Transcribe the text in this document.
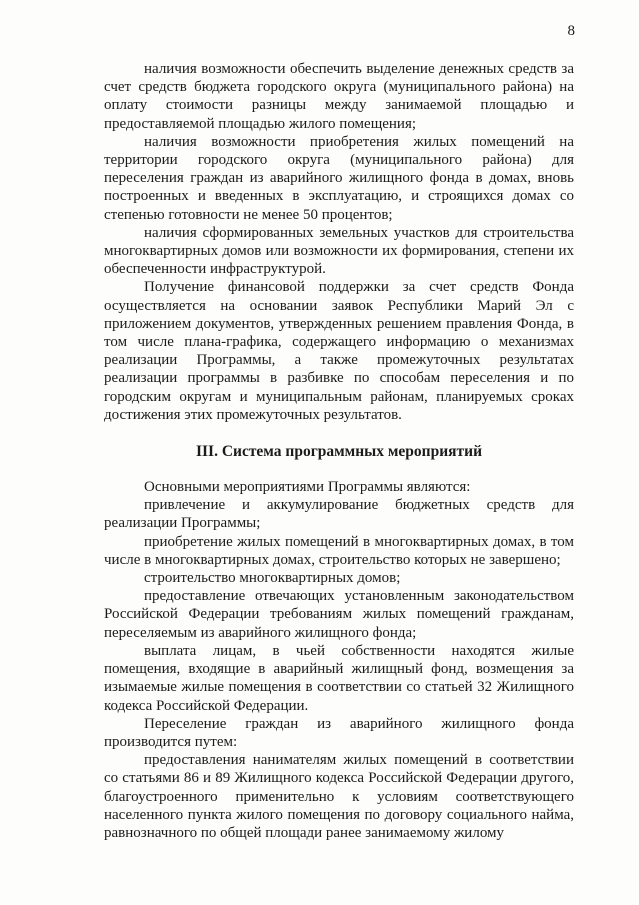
8

наличия возможности обеспечить выделение денежных средств за счет средств бюджета городского округа (муниципального района) на оплату стоимости разницы между занимаемой площадью и предоставляемой площадью жилого помещения;

наличия возможности приобретения жилых помещений на территории городского округа (муниципального района) для переселения граждан из аварийного жилищного фонда в домах, вновь построенных и введенных в эксплуатацию, и строящихся домах со степенью готовности не менее 50 процентов;

наличия сформированных земельных участков для строительства многоквартирных домов или возможности их формирования, степени их обеспеченности инфраструктурой.

Получение финансовой поддержки за счет средств Фонда осуществляется на основании заявок Республики Марий Эл с приложением документов, утвержденных решением правления Фонда, в том числе плана-графика, содержащего информацию о механизмах реализации Программы, а также промежуточных результатах реализации программы в разбивке по способам переселения и по городским округам и муниципальным районам, планируемых сроках достижения этих промежуточных результатов.

III. Система программных мероприятий

Основными мероприятиями Программы являются:

привлечение и аккумулирование бюджетных средств для реализации Программы;

приобретение жилых помещений в многоквартирных домах, в том числе в многоквартирных домах, строительство которых не завершено;

строительство многоквартирных домов;

предоставление отвечающих установленным законодательством Российской Федерации требованиям жилых помещений гражданам, переселяемым из аварийного жилищного фонда;

выплата лицам, в чьей собственности находятся жилые помещения, входящие в аварийный жилищный фонд, возмещения за изымаемые жилые помещения в соответствии со статьей 32 Жилищного кодекса Российской Федерации.

Переселение граждан из аварийного жилищного фонда производится путем:

предоставления нанимателям жилых помещений в соответствии со статьями 86 и 89 Жилищного кодекса Российской Федерации другого, благоустроенного применительно к условиям соответствующего населенного пункта жилого помещения по договору социального найма, равнозначного по общей площади ранее занимаемому жилому
